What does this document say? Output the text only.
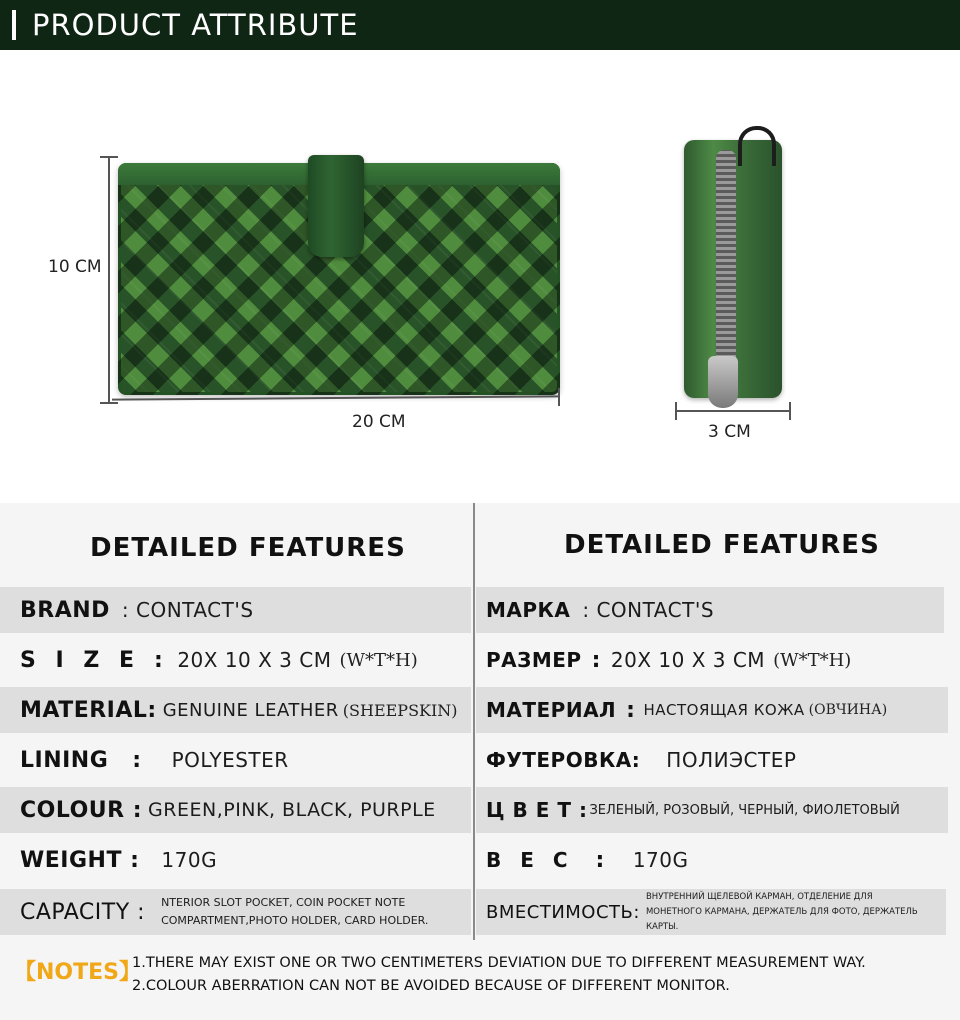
PRODUCT ATTRIBUTE
10 CM
20 CM	3 CM
DETAILED FEATURES	DETAILED FEATURES
BRAND : CONTACT'S
S I Z E : 20X 10 X 3 CM (W*T*H)
MATERIAL: GENUINE LEATHER (SHEEPSKIN)
LINING : POLYESTER
COLOUR : GREEN,PINK, BLACK, PURPLE
WEIGHT : 170G
CAPACITY : NTERIOR SLOT POCKET, COIN POCKET NOTE COMPARTMENT,PHOTO HOLDER, CARD HOLDER.
МАРКА : CONTACT'S
РАЗМЕР : 20X 10 X 3 CM (W*T*H)
МАТЕРИАЛ : НАСТОЯЩАЯ КОЖА (ОВЧИНА)
ФУТЕРОВКА: ПОЛИЭСТЕР
Ц В Е Т : ЗЕЛЕНЫЙ, РОЗОВЫЙ, ЧЕРНЫЙ, ФИОЛЕТОВЫЙ
В Е С : 170G
ВМЕСТИМОСТЬ:
ВНУТРЕННИЙ ЩЕЛЕВОЙ КАРМАН, ОТДЕЛЕНИЕ ДЛЯ МОНЕТНОГО КАРМАНА, ДЕРЖАТЕЛЬ ДЛЯ ФОТО, ДЕРЖАТЕЛЬ КАРТЫ.
【NOTES】
1.THERE MAY EXIST ONE OR TWO CENTIMETERS DEVIATION DUE TO DIFFERENT MEASUREMENT WAY.
2.COLOUR ABERRATION CAN NOT BE AVOIDED BECAUSE OF DIFFERENT MONITOR.
